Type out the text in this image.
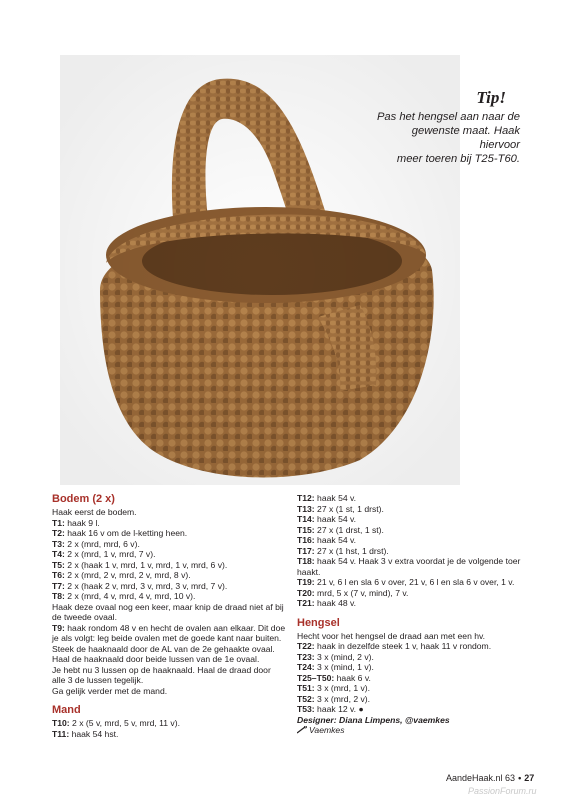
Tip!
Pas het hengsel aan naar de
gewenste maat. Haak hiervoor
meer toeren bij T25-T60.
Bodem (2 x)
Haak eerst de bodem.
T1: haak 9 l.
T2: haak 16 v om de l-ketting heen.
T3: 2 x (mrd, mrd, 6 v).
T4: 2 x (mrd, 1 v, mrd, 7 v).
T5: 2 x (haak 1 v, mrd, 1 v, mrd, 1 v, mrd, 6 v).
T6: 2 x (mrd, 2 v, mrd, 2 v, mrd, 8 v).
T7: 2 x (haak 2 v, mrd, 3 v, mrd, 3 v, mrd, 7 v).
T8: 2 x (mrd, 4 v, mrd, 4 v, mrd, 10 v).
Haak deze ovaal nog een keer, maar knip de draad niet af bij
de tweede ovaal.
T9: haak rondom 48 v en hecht de ovalen aan elkaar. Dit doe
je als volgt: leg beide ovalen met de goede kant naar buiten.
Steek de haaknaald door de AL van de 2e gehaakte ovaal.
Haal de haaknaald door beide lussen van de 1e ovaal.
Je hebt nu 3 lussen op de haaknaald. Haal de draad door
alle 3 de lussen tegelijk.
Ga gelijk verder met de mand.
Mand
T10: 2 x (5 v, mrd, 5 v, mrd, 11 v).
T11: haak 54 hst.
T12: haak 54 v.
T13: 27 x (1 st, 1 drst).
T14: haak 54 v.
T15: 27 x (1 drst, 1 st).
T16: haak 54 v.
T17: 27 x (1 hst, 1 drst).
T18: haak 54 v. Haak 3 v extra voordat je de volgende toer
haakt.
T19: 21 v, 6 l en sla 6 v over, 21 v, 6 l en sla 6 v over, 1 v.
T20: mrd, 5 x (7 v, mind), 7 v.
T21: haak 48 v.
Hengsel
Hecht voor het hengsel de draad aan met een hv.
T22: haak in dezelfde steek 1 v, haak 11 v rondom.
T23: 3 x (mind, 2 v).
T24: 3 x (mind, 1 v).
T25–T50: haak 6 v.
T51: 3 x (mrd, 1 v).
T52: 3 x (mrd, 2 v).
T53: haak 12 v. ●
Designer: Diana Limpens, @vaemkes
Vaemkes
AandeHaak.nl 63 • 27
PassionForum.ru
